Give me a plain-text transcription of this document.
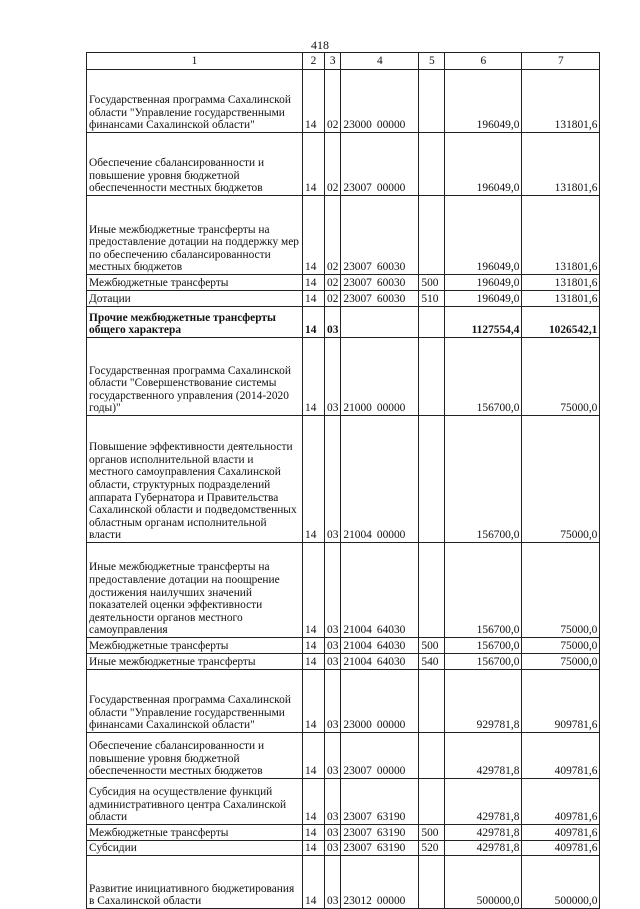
418
1	2	3	4	5	6	7
Государственная программа Сахалинской области "Управление государственными финансами Сахалинской области"	14	02	23000 00000		196049,0	131801,6
Обеспечение сбалансированности и повышение уровня бюджетной обеспеченности местных бюджетов	14	02	23007 00000		196049,0	131801,6
Иные межбюджетные трансферты на предоставление дотации на поддержку мер по обеспечению сбалансированности местных бюджетов	14	02	23007 60030		196049,0	131801,6
Межбюджетные трансферты	14	02	23007 60030	500	196049,0	131801,6
Дотации	14	02	23007 60030	510	196049,0	131801,6
Прочие межбюджетные трансферты общего характера	14	03			1127554,4	1026542,1
Государственная программа Сахалинской области "Совершенствование системы государственного управления (2014-2020 годы)"	14	03	21000 00000		156700,0	75000,0
Повышение эффективности деятельности органов исполнительной власти и местного самоуправления Сахалинской области, структурных подразделений аппарата Губернатора и Правительства Сахалинской области и подведомственных областным органам исполнительной власти	14	03	21004 00000		156700,0	75000,0
Иные межбюджетные трансферты на предоставление дотации на поощрение достижения наилучших значений показателей оценки эффективности деятельности органов местного самоуправления	14	03	21004 64030		156700,0	75000,0
Межбюджетные трансферты	14	03	21004 64030	500	156700,0	75000,0
Иные межбюджетные трансферты	14	03	21004 64030	540	156700,0	75000,0
Государственная программа Сахалинской области "Управление государственными финансами Сахалинской области"	14	03	23000 00000		929781,8	909781,6
Обеспечение сбалансированности и повышение уровня бюджетной обеспеченности местных бюджетов	14	03	23007 00000		429781,8	409781,6
Субсидия на осуществление функций административного центра Сахалинской области	14	03	23007 63190		429781,8	409781,6
Межбюджетные трансферты	14	03	23007 63190	500	429781,8	409781,6
Субсидии	14	03	23007 63190	520	429781,8	409781,6
Развитие инициативного бюджетирования в Сахалинской области	14	03	23012 00000		500000,0	500000,0
